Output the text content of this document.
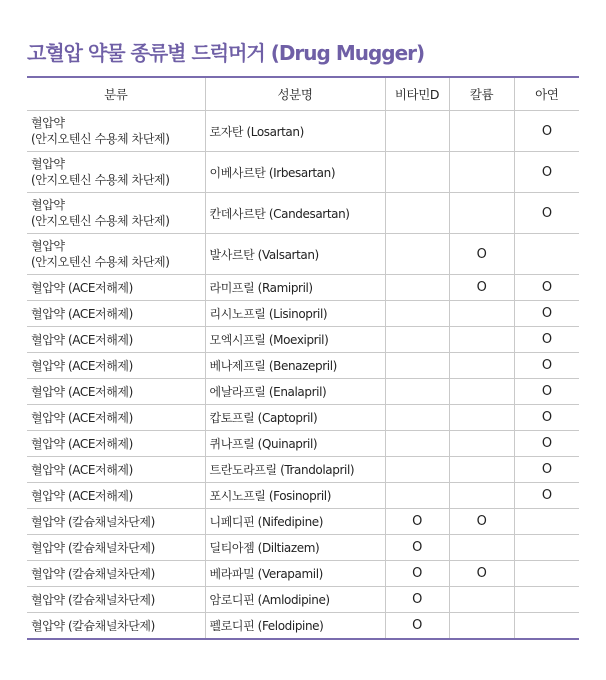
고혈압 약물 종류별 드럭머거 (Drug Mugger)
분류	성분명	비타민D	칼륨	아연

혈압약
(안지오텐신 수용체 차단제)	로자탄 (Losartan)			O

혈압약
(안지오텐신 수용체 차단제)	이베사르탄 (Irbesartan)			O

혈압약
(안지오텐신 수용체 차단제)	칸데사르탄 (Candesartan)			O

혈압약
(안지오텐신 수용체 차단제)	발사르탄 (Valsartan)		O	

혈압약 (ACE저해제)	라미프릴 (Ramipril)		O	O

혈압약 (ACE저해제)	리시노프릴 (Lisinopril)			O

혈압약 (ACE저해제)	모엑시프릴 (Moexipril)			O

혈압약 (ACE저해제)	베나제프릴 (Benazepril)			O

혈압약 (ACE저해제)	에날라프릴 (Enalapril)			O

혈압약 (ACE저해제)	캅토프릴 (Captopril)			O

혈압약 (ACE저해제)	퀴나프릴 (Quinapril)			O

혈압약 (ACE저해제)	트란도라프릴 (Trandolapril)			O

혈압약 (ACE저해제)	포시노프릴 (Fosinopril)			O

혈압약 (칼슘채널차단제)	니페디핀 (Nifedipine)	O	O	

혈압약 (칼슘채널차단제)	딜티아젬 (Diltiazem)	O		

혈압약 (칼슘채널차단제)	베라파밀 (Verapamil)	O	O	

혈압약 (칼슘채널차단제)	암로디핀 (Amlodipine)	O		

혈압약 (칼슘채널차단제)	펠로디핀 (Felodipine)	O		
